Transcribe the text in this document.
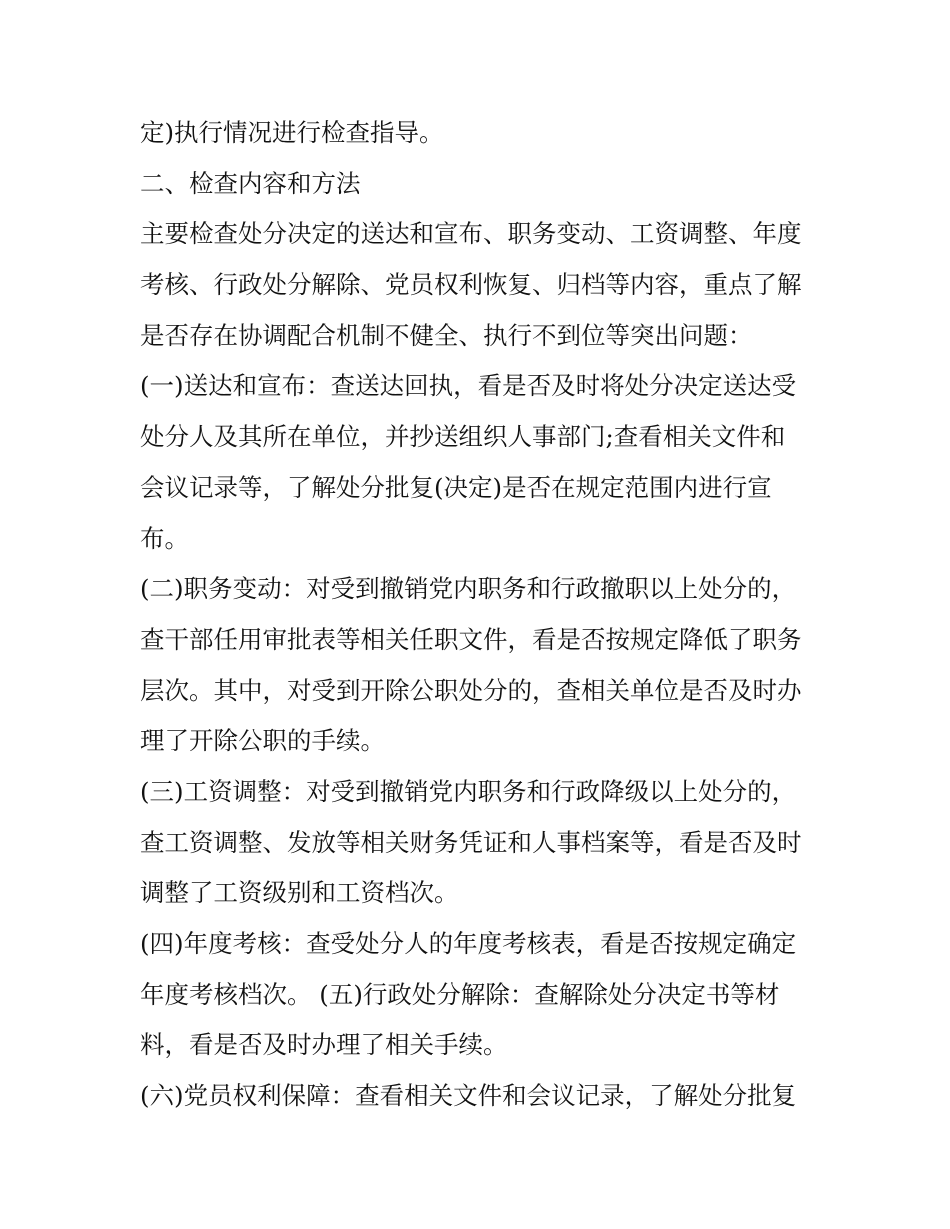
定)执行情况进行检查指导。
二、检查内容和方法
主要检查处分决定的送达和宣布、职务变动、工资调整、年度
考核、行政处分解除、党员权利恢复、归档等内容，重点了解
是否存在协调配合机制不健全、执行不到位等突出问题：
(一)送达和宣布：查送达回执，看是否及时将处分决定送达受
处分人及其所在单位，并抄送组织人事部门;查看相关文件和
会议记录等，了解处分批复(决定)是否在规定范围内进行宣
布。
(二)职务变动：对受到撤销党内职务和行政撤职以上处分的，
查干部任用审批表等相关任职文件，看是否按规定降低了职务
层次。其中，对受到开除公职处分的，查相关单位是否及时办
理了开除公职的手续。
(三)工资调整：对受到撤销党内职务和行政降级以上处分的，
查工资调整、发放等相关财务凭证和人事档案等，看是否及时
调整了工资级别和工资档次。
(四)年度考核：查受处分人的年度考核表，看是否按规定确定
年度考核档次。 (五)行政处分解除：查解除处分决定书等材
料，看是否及时办理了相关手续。
(六)党员权利保障：查看相关文件和会议记录，了解处分批复
